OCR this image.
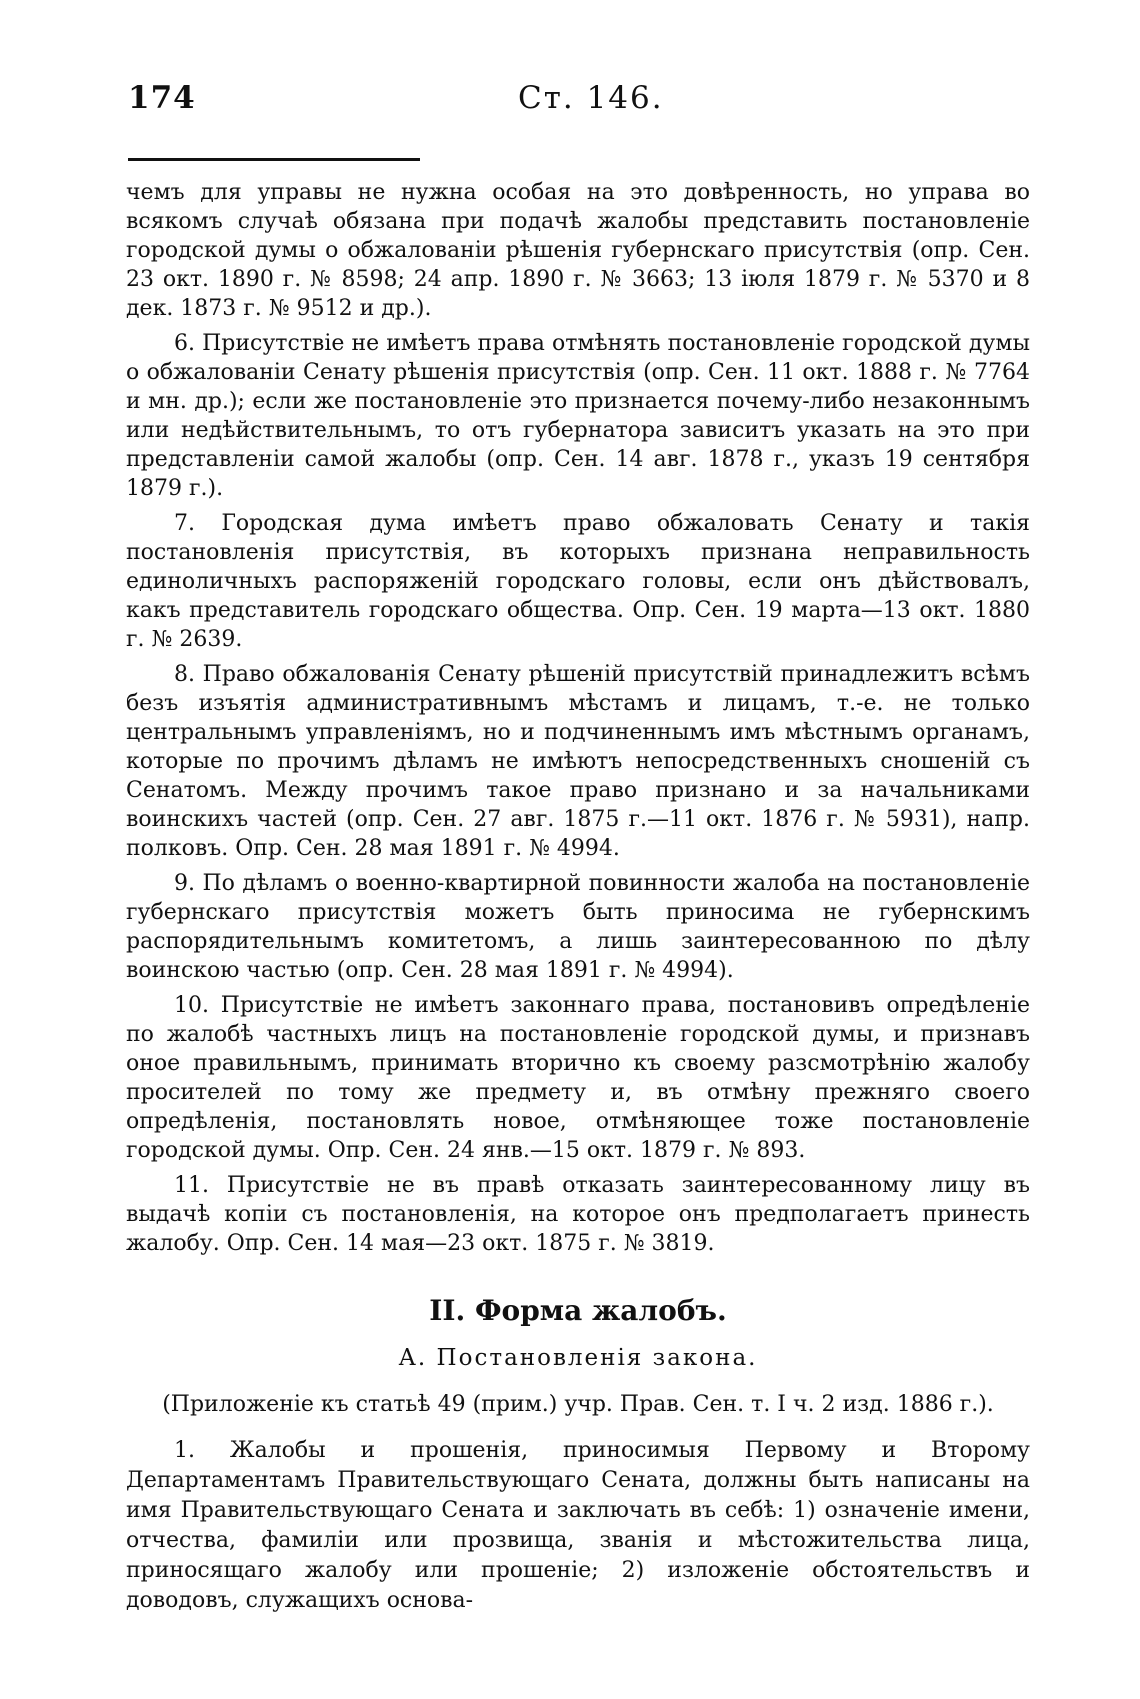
174	Ст. 146.

чемъ для управы не нужна особая на это довѣренность, но управа во всякомъ случаѣ обязана при подачѣ жалобы представить постановленіе городской думы о обжалованіи рѣшенія губернскаго присутствія (опр. Сен. 23 окт. 1890 г. № 8598; 24 апр. 1890 г. № 3663; 13 іюля 1879 г. № 5370 и 8 дек. 1873 г. № 9512 и др.).

6. Присутствіе не имѣетъ права отмѣнять постановленіе городской думы о обжалованіи Сенату рѣшенія присутствія (опр. Сен. 11 окт. 1888 г. № 7764 и мн. др.); если же постановленіе это признается почему-либо незаконнымъ или недѣйствительнымъ, то отъ губернатора зависитъ указать на это при представленіи самой жалобы (опр. Сен. 14 авг. 1878 г., указъ 19 сентября 1879 г.).

7. Городская дума имѣетъ право обжаловать Сенату и такія постановленія присутствія, въ которыхъ признана неправильность единоличныхъ распоряженій городскаго головы, если онъ дѣйствовалъ, какъ представитель городскаго общества. Опр. Сен. 19 марта—13 окт. 1880 г. № 2639.

8. Право обжалованія Сенату рѣшеній присутствій принадлежитъ всѣмъ безъ изъятія административнымъ мѣстамъ и лицамъ, т.-е. не только центральнымъ управленіямъ, но и подчиненнымъ имъ мѣстнымъ органамъ, которые по прочимъ дѣламъ не имѣютъ непосредственныхъ сношеній съ Сенатомъ. Между прочимъ такое право признано и за начальниками воинскихъ частей (опр. Сен. 27 авг. 1875 г.—11 окт. 1876 г. № 5931), напр. полковъ. Опр. Сен. 28 мая 1891 г. № 4994.

9. По дѣламъ о военно-квартирной повинности жалоба на постановленіе губернскаго присутствія можетъ быть приносима не губернскимъ распорядительнымъ комитетомъ, а лишь заинтересованною по дѣлу воинскою частью (опр. Сен. 28 мая 1891 г. № 4994).

10. Присутствіе не имѣетъ законнаго права, постановивъ опредѣленіе по жалобѣ частныхъ лицъ на постановленіе городской думы, и признавъ оное правильнымъ, принимать вторично къ своему разсмотрѣнію жалобу просителей по тому же предмету и, въ отмѣну прежняго своего опредѣленія, постановлять новое, отмѣняющее тоже постановленіе городской думы. Опр. Сен. 24 янв.—15 окт. 1879 г. № 893.

11. Присутствіе не въ правѣ отказать заинтересованному лицу въ выдачѣ копіи съ постановленія, на которое онъ предполагаетъ принесть жалобу. Опр. Сен. 14 мая—23 окт. 1875 г. № 3819.

II. Форма жалобъ.
А. Постановленія закона.
(Приложеніе къ статьѣ 49 (прим.) учр. Прав. Сен. т. I ч. 2 изд. 1886 г.).

1. Жалобы и прошенія, приносимыя Первому и Второму Департаментамъ Правительствующаго Сената, должны быть написаны на имя Правительствующаго Сената и заключать въ себѣ: 1) означеніе имени, отчества, фамиліи или прозвища, званія и мѣстожительства лица, приносящаго жалобу или прошеніе; 2) изложеніе обстоятельствъ и доводовъ, служащихъ основа-
